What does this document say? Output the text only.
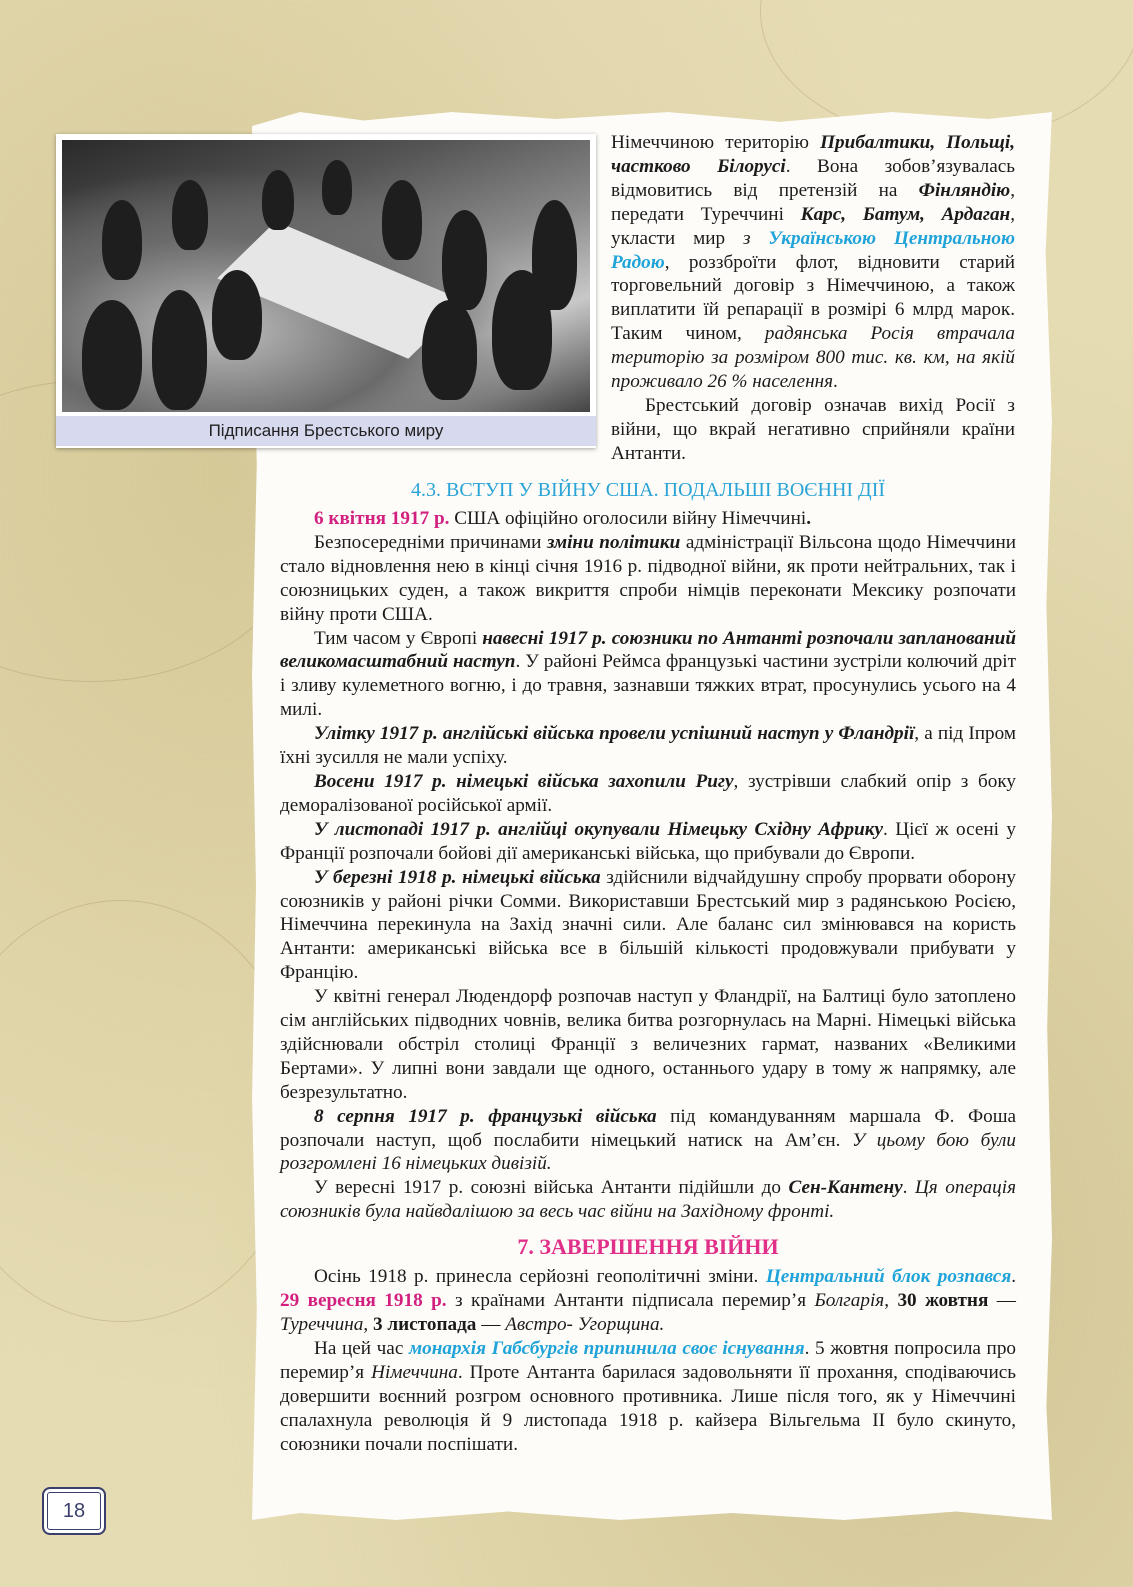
Підписання Брестського миру

Німеччиною територію Прибалтики, Польщі, частково Білорусі. Вона зобов’язувалась відмовитись від претензій на Фінляндію, передати Туреччині Карс, Батум, Ардаган, укласти мир з Українською Центральною Радою, роззброїти флот, відновити старий торговельний договір з Німеччиною, а також виплатити їй репарації в розмірі 6 млрд марок. Таким чином, радянська Росія втрачала територію за розміром 800 тис. кв. км, на якій проживало 26 % населення.

Брестський договір означав вихід Росії з війни, що вкрай негативно сприйняли країни Антанти.

4.3. ВСТУП У ВІЙНУ США. ПОДАЛЬШІ ВОЄННІ ДІЇ

6 квітня 1917 р. США офіційно оголосили війну Німеччині.

Безпосередніми причинами зміни політики адміністрації Вільсона щодо Німеччини стало відновлення нею в кінці січня 1916 р. підводної війни, як проти нейтральних, так і союзницьких суден, а також викриття спроби німців переконати Мексику розпочати війну проти США.

Тим часом у Європі навесні 1917 р. союзники по Антанті розпочали запланований великомасштабний наступ. У районі Реймса французькі частини зустріли колючий дріт і зливу кулеметного вогню, і до травня, зазнавши тяжких втрат, просунулись усього на 4 милі.

Улітку 1917 р. англійські війська провели успішний наступ у Фландрії, а під Іпром їхні зусилля не мали успіху.

Восени 1917 р. німецькі війська захопили Ригу, зустрівши слабкий опір з боку деморалізованої російської армії.

У листопаді 1917 р. англійці окупували Німецьку Східну Африку. Цієї ж осені у Франції розпочали бойові дії американські війська, що прибували до Європи.

У березні 1918 р. німецькі війська здійснили відчайдушну спробу прорвати оборону союзників у районі річки Сомми. Використавши Брестський мир з радянською Росією, Німеччина перекинула на Захід значні сили. Але баланс сил змінювався на користь Антанти: американські війська все в більшій кількості продовжували прибувати у Францію.

У квітні генерал Людендорф розпочав наступ у Фландрії, на Балтиці було затоплено сім англійських підводних човнів, велика битва розгорнулась на Марні. Німецькі війська здійснювали обстріл столиці Франції з величезних гармат, названих «Великими Бертами». У липні вони завдали ще одного, останнього удару в тому ж напрямку, але безрезультатно.

8 серпня 1917 р. французькі війська під командуванням маршала Ф. Фоша розпочали наступ, щоб послабити німецький натиск на Ам’єн. У цьому бою були розгромлені 16 німецьких дивізій.

У вересні 1917 р. союзні війська Антанти підійшли до Сен-Кантену. Ця операція союзників була найвдалішою за весь час війни на Західному фронті.

7. ЗАВЕРШЕННЯ ВІЙНИ

Осінь 1918 р. принесла серйозні геополітичні зміни. Центральний блок розпався. 29 вересня 1918 р. з країнами Антанти підписала перемир’я Болгарія, 30 жовтня — Туреччина, 3 листопада — Австро- Угорщина.

На цей час монархія Габсбургів припинила своє існування. 5 жовтня попросила про перемир’я Німеччина. Проте Антанта барилася задовольняти її прохання, сподіваючись довершити воєнний розгром основного противника. Лише після того, як у Німеччині спалахнула революція й 9 листопада 1918 р. кайзера Вільгельма ІІ було скинуто, союзники почали поспішати.

18
